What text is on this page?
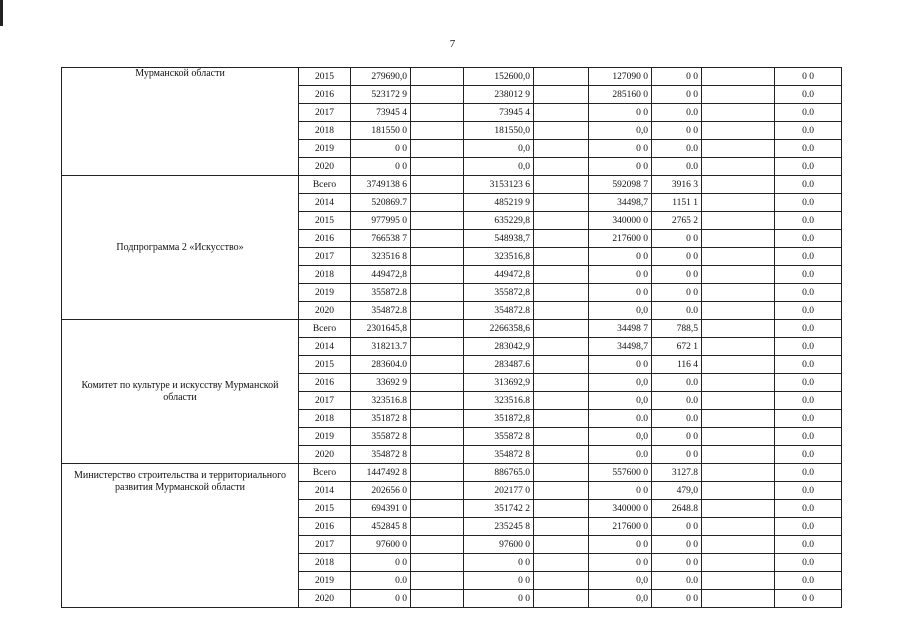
7
Мурманской области	2015	279690,0		152600,0		127090 0	0 0		0 0	
	2016	523172 9		238012 9		285160 0	0 0		0.0	
	2017	73945 4		73945 4		0 0	0.0		0.0	
	2018	181550 0		181550,0		0,0	0 0		0.0	
	2019	0 0		0,0		0 0	0.0		0.0	
	2020	0 0		0,0		0 0	0.0		0.0	
Подпрограмма 2 «Искусство»	Всего	3749138 6		3153123 6		592098 7	3916 3		0.0	
	2014	520869.7		485219 9		34498,7	1151 1		0.0	
	2015	977995 0		635229,8		340000 0	2765 2		0.0	
	2016	766538 7		548938,7		217600 0	0 0		0.0	
	2017	323516 8		323516,8		0 0	0 0		0.0	
	2018	449472,8		449472,8		0 0	0 0		0.0	
	2019	355872.8		355872,8		0 0	0 0		0.0	
	2020	354872.8		354872.8		0,0	0.0		0.0	
Комитет по культуре и искусству Мурманской области	Всего	2301645,8		2266358,6		34498 7	788,5		0.0	
	2014	318213.7		283042,9		34498,7	672 1		0.0	
	2015	283604.0		283487.6		0 0	116 4		0.0	
	2016	33692 9		313692,9		0,0	0.0		0.0	
	2017	323516.8		323516.8		0,0	0.0		0.0	
	2018	351872 8		351872,8		0.0	0.0		0.0	
	2019	355872 8		355872 8		0,0	0 0		0.0	
	2020	354872 8		354872 8		0.0	0 0		0.0	
Министерство строительства и территориального развития Мурманской области	Всего	1447492 8		886765.0		557600 0	3127.8		0.0	
	2014	202656 0		202177 0		0 0	479,0		0.0	
	2015	694391 0		351742 2		340000 0	2648.8		0.0	
	2016	452845 8		235245 8		217600 0	0 0		0.0	
	2017	97600 0		97600 0		0 0	0 0		0.0	
	2018	0 0		0 0		0 0	0 0		0.0	
	2019	0.0		0 0		0,0	0.0		0.0	
	2020	0 0		0 0		0,0	0 0		0 0	
